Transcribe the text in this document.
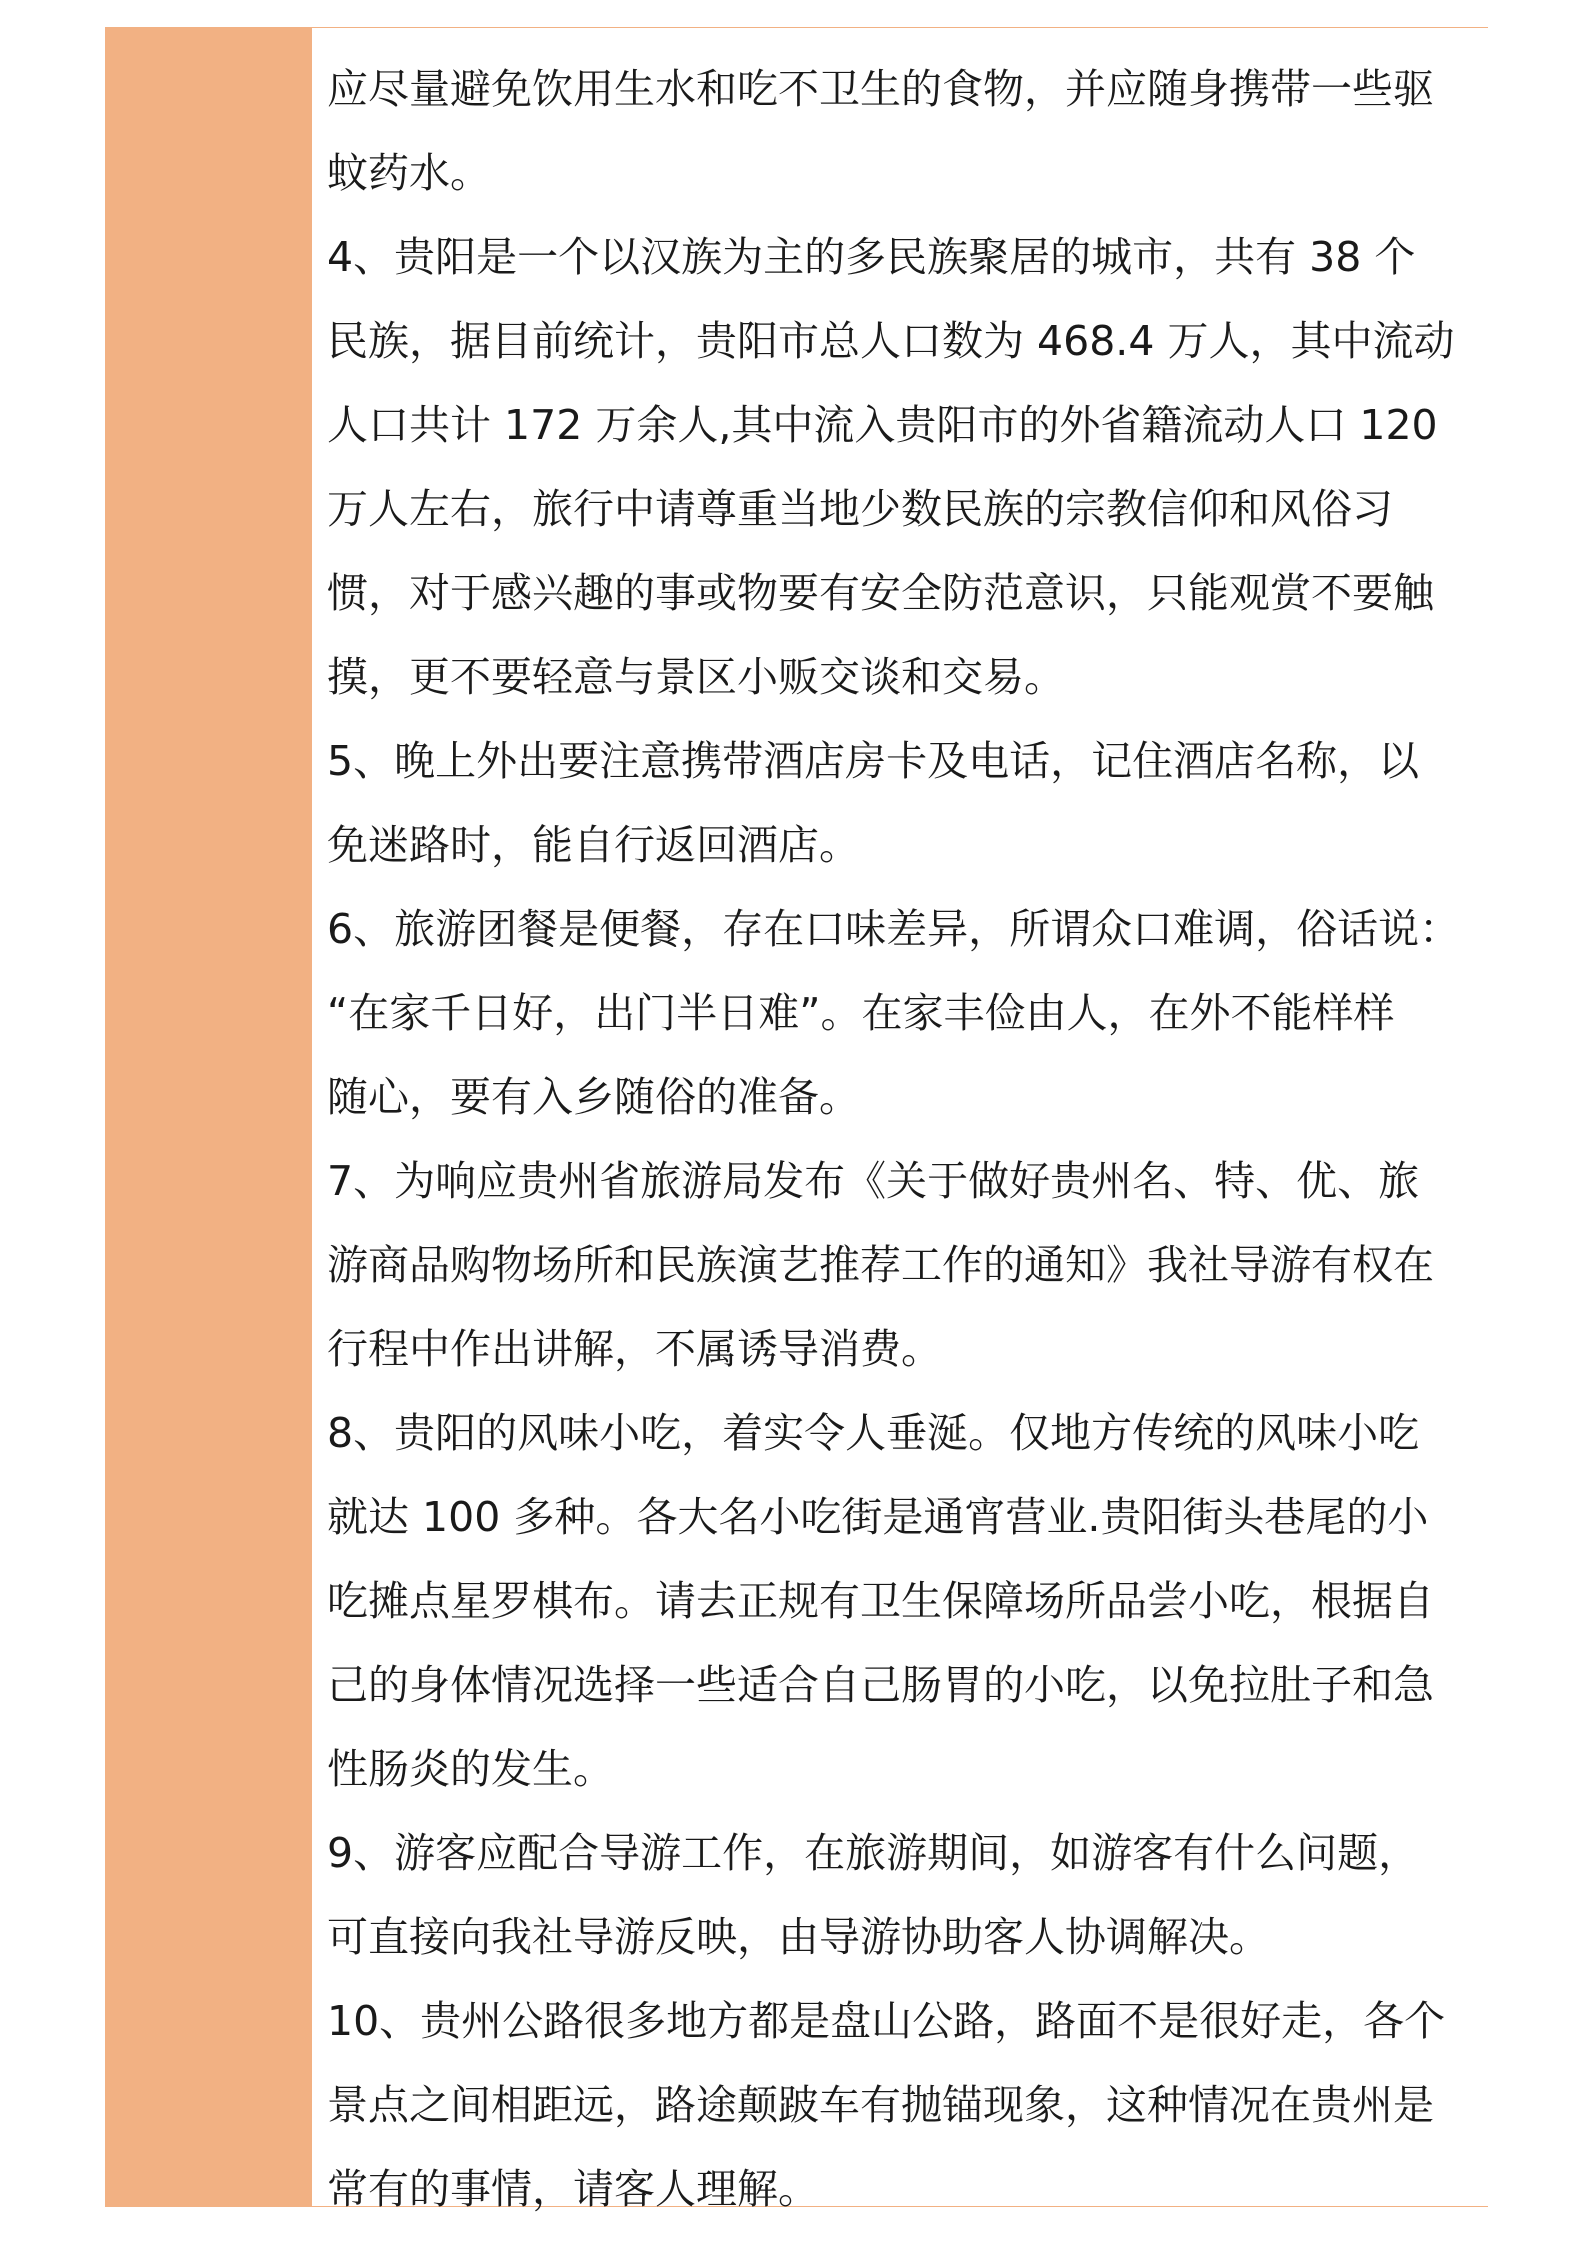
应尽量避免饮用生水和吃不卫生的食物，并应随身携带一些驱
蚊药水。
4、贵阳是一个以汉族为主的多民族聚居的城市，共有 38 个
民族，据目前统计，贵阳市总人口数为 468.4 万人，其中流动
人口共计 172 万余人,其中流入贵阳市的外省籍流动人口 120
万人左右，旅行中请尊重当地少数民族的宗教信仰和风俗习
惯，对于感兴趣的事或物要有安全防范意识，只能观赏不要触
摸，更不要轻意与景区小贩交谈和交易。
5、晚上外出要注意携带酒店房卡及电话，记住酒店名称，以
免迷路时，能自行返回酒店。
6、旅游团餐是便餐，存在口味差异，所谓众口难调，俗话说：
“在家千日好，出门半日难”。在家丰俭由人，在外不能样样
随心，要有入乡随俗的准备。
7、为响应贵州省旅游局发布《关于做好贵州名、特、优、旅
游商品购物场所和民族演艺推荐工作的通知》我社导游有权在
行程中作出讲解，不属诱导消费。
8、贵阳的风味小吃，着实令人垂涎。仅地方传统的风味小吃
就达 100 多种。各大名小吃街是通宵营业.贵阳街头巷尾的小
吃摊点星罗棋布。请去正规有卫生保障场所品尝小吃，根据自
己的身体情况选择一些适合自己肠胃的小吃，以免拉肚子和急
性肠炎的发生。
9、游客应配合导游工作，在旅游期间，如游客有什么问题，
可直接向我社导游反映，由导游协助客人协调解决。
10、贵州公路很多地方都是盘山公路，路面不是很好走，各个
景点之间相距远，路途颠跛车有抛锚现象，这种情况在贵州是
常有的事情，请客人理解。
